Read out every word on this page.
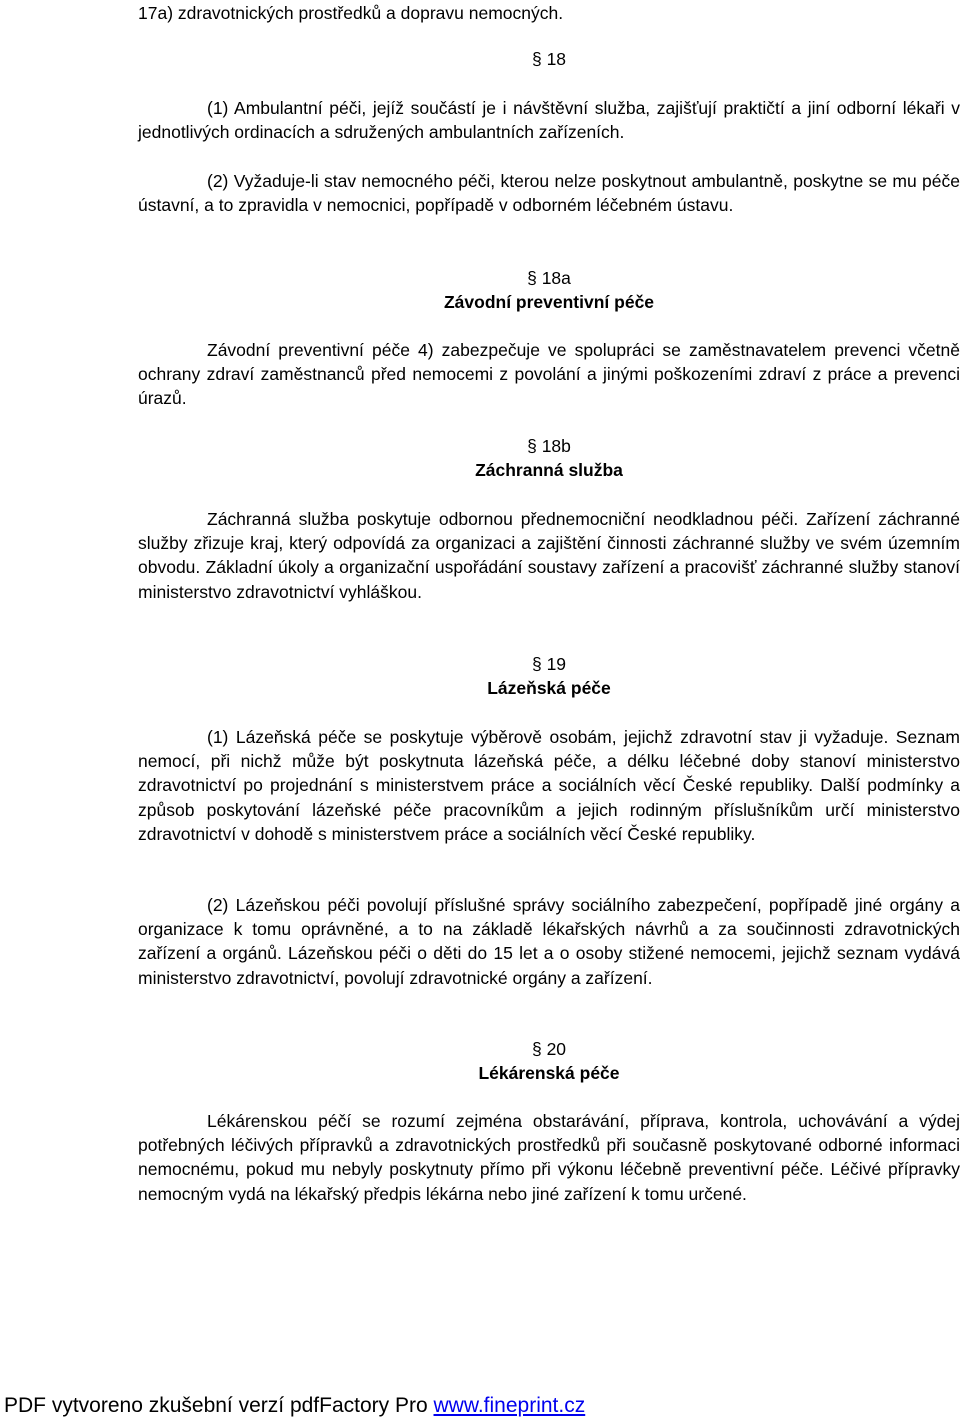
17a) zdravotnických prostředků a dopravu nemocných.

§ 18

(1) Ambulantní péči, jejíž součástí je i návštěvní služba, zajišťují praktičtí a jiní odborní lékaři v jednotlivých ordinacích a sdružených ambulantních zařízeních.

(2) Vyžaduje-li stav nemocného péči, kterou nelze poskytnout ambulantně, poskytne se mu péče ústavní, a to zpravidla v nemocnici, popřípadě v odborném léčebném ústavu.

§ 18a
Závodní preventivní péče

Závodní preventivní péče 4) zabezpečuje ve spolupráci se zaměstnavatelem prevenci včetně ochrany zdraví zaměstnanců před nemocemi z povolání a jinými poškozeními zdraví z práce a prevenci úrazů.

§ 18b
Záchranná služba

Záchranná služba poskytuje odbornou přednemocniční neodkladnou péči. Zařízení záchranné služby zřizuje kraj, který odpovídá za organizaci a zajištění činnosti záchranné služby ve svém územním obvodu. Základní úkoly a organizační uspořádání soustavy zařízení a pracovišť záchranné služby stanoví ministerstvo zdravotnictví vyhláškou.

§ 19
Lázeňská péče

(1) Lázeňská péče se poskytuje výběrově osobám, jejichž zdravotní stav ji vyžaduje. Seznam nemocí, při nichž může být poskytnuta lázeňská péče, a délku léčebné doby stanoví ministerstvo zdravotnictví po projednání s ministerstvem práce a sociálních věcí České republiky. Další podmínky a způsob poskytování lázeňské péče pracovníkům a jejich rodinným příslušníkům určí ministerstvo zdravotnictví v dohodě s ministerstvem práce a sociálních věcí České republiky.

(2) Lázeňskou péči povolují příslušné správy sociálního zabezpečení, popřípadě jiné orgány a organizace k tomu oprávněné, a to na základě lékařských návrhů a za součinnosti zdravotnických zařízení a orgánů. Lázeňskou péči o děti do 15 let a o osoby stižené nemocemi, jejichž seznam vydává ministerstvo zdravotnictví, povolují zdravotnické orgány a zařízení.

§ 20
Lékárenská péče

Lékárenskou péčí se rozumí zejména obstarávání, příprava, kontrola, uchovávání a výdej potřebných léčivých přípravků a zdravotnických prostředků při současně poskytované odborné informaci nemocnému, pokud mu nebyly poskytnuty přímo při výkonu léčebně preventivní péče. Léčivé přípravky nemocným vydá na lékařský předpis lékárna nebo jiné zařízení k tomu určené.

PDF vytvoreno zkušební verzí pdfFactory Pro www.fineprint.cz
